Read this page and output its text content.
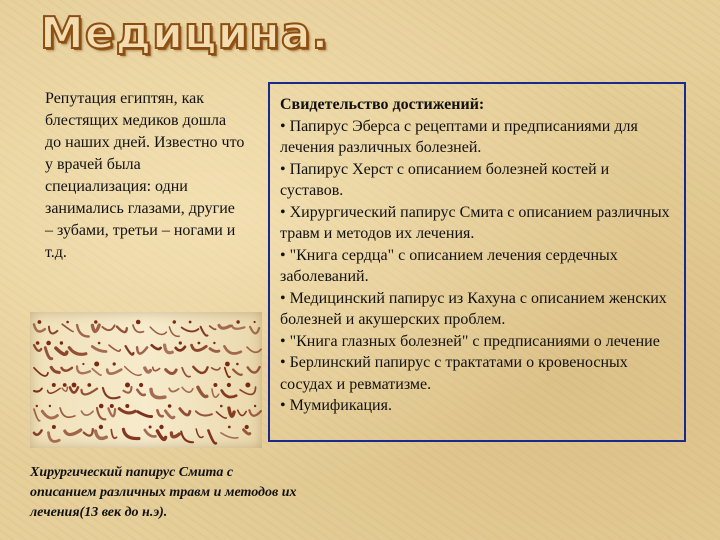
Медицина.

Репутация египтян, как блестящих медиков дошла до наших дней. Известно что у врачей была специализация: одни занимались глазами, другие – зубами, третьи – ногами и т.д.

Хирургический папирус Смита с описанием различных травм и методов их лечения(13 век до н.э).

Свидетельство достижений:

• Папирус Эберса с рецептами и предписаниями для лечения различных болезней.

• Папирус Херст с описанием болезней костей и суставов.

• Хирургический папирус Смита с описанием различных травм и методов их лечения.

• "Книга сердца" с описанием лечения сердечных заболеваний.

• Медицинский папирус из Кахуна с описанием женских болезней и акушерских проблем.

• "Книга глазных болезней" с предписаниями о лечение

• Берлинский папирус с трактатами о кровеносных сосудах и ревматизме.

• Мумификация.
